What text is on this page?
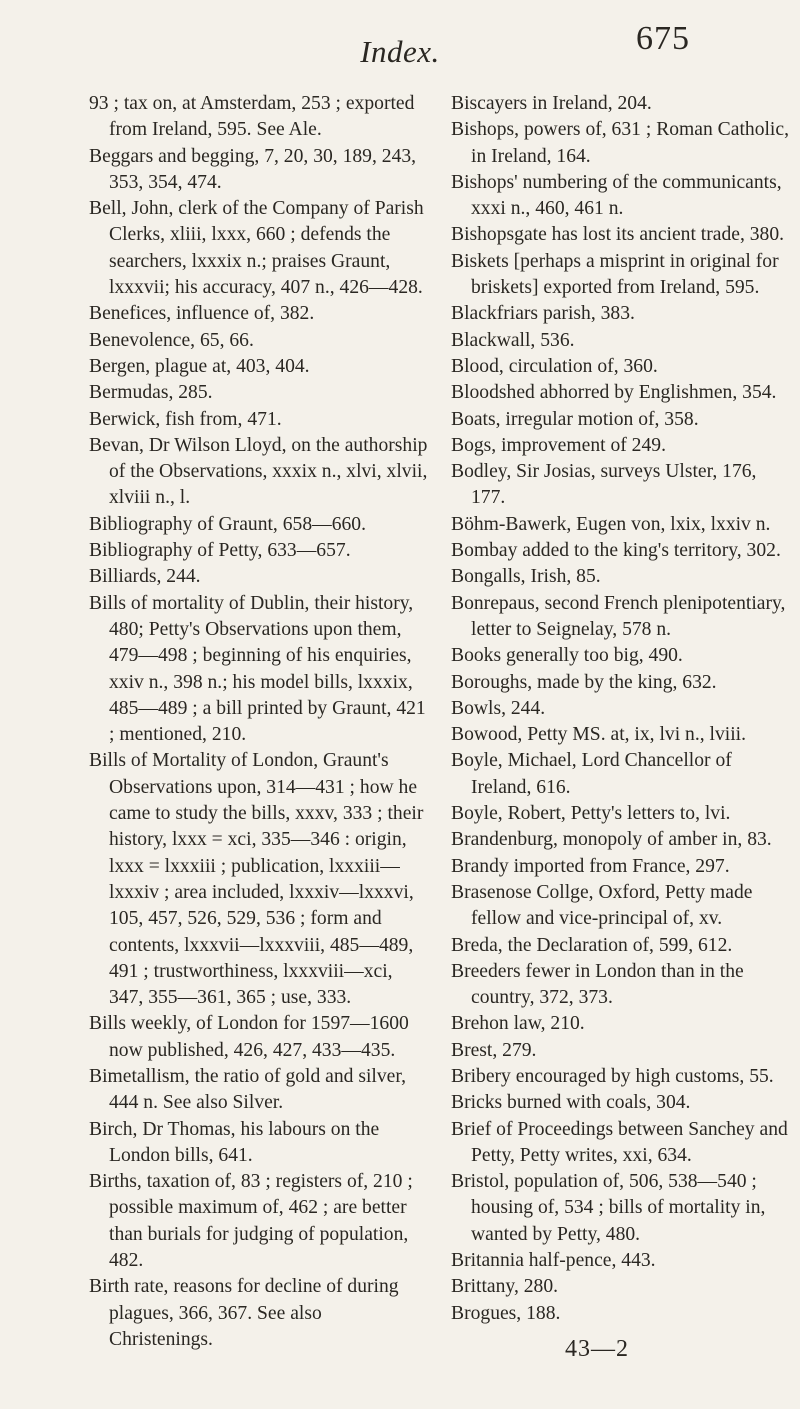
Index.	675
93 ; tax on, at Amsterdam, 253 ; exported from Ireland, 595. See Ale.
Beggars and begging, 7, 20, 30, 189, 243, 353, 354, 474.
Bell, John, clerk of the Company of Parish Clerks, xliii, lxxx, 660 ; defends the searchers, lxxxix n.; praises Graunt, lxxxvii; his accuracy, 407 n., 426—428.
Benefices, influence of, 382.
Benevolence, 65, 66.
Bergen, plague at, 403, 404.
Bermudas, 285.
Berwick, fish from, 471.
Bevan, Dr Wilson Lloyd, on the authorship of the Observations, xxxix n., xlvi, xlvii, xlviii n., l.
Bibliography of Graunt, 658—660.
Bibliography of Petty, 633—657.
Billiards, 244.
Bills of mortality of Dublin, their history, 480; Petty's Observations upon them, 479—498 ; beginning of his enquiries, xxiv n., 398 n.; his model bills, lxxxix, 485—489 ; a bill printed by Graunt, 421 ; mentioned, 210.
Bills of Mortality of London, Graunt's Observations upon, 314—431 ; how he came to study the bills, xxxv, 333 ; their history, lxxx = xci, 335—346 : origin, lxxx = lxxxiii ; publication, lxxxiii—lxxxiv ; area included, lxxxiv—lxxxvi, 105, 457, 526, 529, 536 ; form and contents, lxxxvii—lxxxviii, 485—489, 491 ; trustworthiness, lxxxviii—xci, 347, 355—361, 365 ; use, 333.
Bills weekly, of London for 1597—1600 now published, 426, 427, 433—435.
Bimetallism, the ratio of gold and silver, 444 n. See also Silver.
Birch, Dr Thomas, his labours on the London bills, 641.
Births, taxation of, 83 ; registers of, 210 ; possible maximum of, 462 ; are better than burials for judging of population, 482.
Birth rate, reasons for decline of during plagues, 366, 367. See also Christenings.
Biscayers in Ireland, 204.
Bishops, powers of, 631 ; Roman Catholic, in Ireland, 164.
Bishops' numbering of the communicants, xxxi n., 460, 461 n.
Bishopsgate has lost its ancient trade, 380.
Biskets [perhaps a misprint in original for briskets] exported from Ireland, 595.
Blackfriars parish, 383.
Blackwall, 536.
Blood, circulation of, 360.
Bloodshed abhorred by Englishmen, 354.
Boats, irregular motion of, 358.
Bogs, improvement of 249.
Bodley, Sir Josias, surveys Ulster, 176, 177.
Böhm-Bawerk, Eugen von, lxix, lxxiv n.
Bombay added to the king's territory, 302.
Bongalls, Irish, 85.
Bonrepaus, second French plenipotentiary, letter to Seignelay, 578 n.
Books generally too big, 490.
Boroughs, made by the king, 632.
Bowls, 244.
Bowood, Petty MS. at, ix, lvi n., lviii.
Boyle, Michael, Lord Chancellor of Ireland, 616.
Boyle, Robert, Petty's letters to, lvi.
Brandenburg, monopoly of amber in, 83.
Brandy imported from France, 297.
Brasenose Collge, Oxford, Petty made fellow and vice-principal of, xv.
Breda, the Declaration of, 599, 612.
Breeders fewer in London than in the country, 372, 373.
Brehon law, 210.
Brest, 279.
Bribery encouraged by high customs, 55.
Bricks burned with coals, 304.
Brief of Proceedings between Sanchey and Petty, Petty writes, xxi, 634.
Bristol, population of, 506, 538—540 ; housing of, 534 ; bills of mortality in, wanted by Petty, 480.
Britannia half-pence, 443.
Brittany, 280.
Brogues, 188.
43—2
